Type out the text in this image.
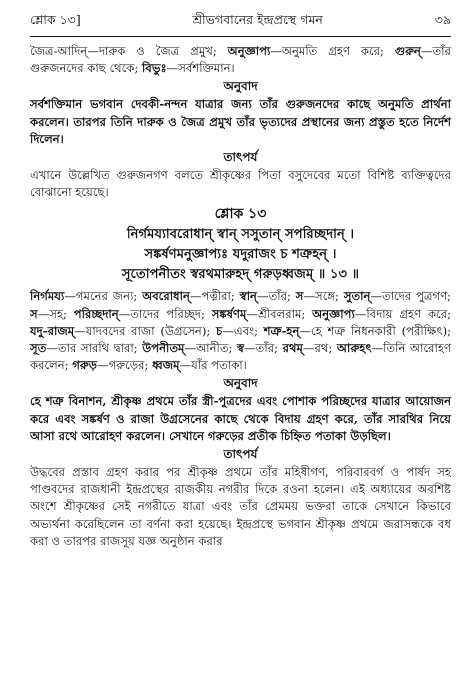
শ্লোক ১৩]	শ্রীভগবানের ইন্দ্রপ্রস্থে গমন	৩৯

জৈত্র-আদিন্—দারুক ও জৈত্র প্রমুখ; অনুজ্ঞাপ্য—অনুমতি গ্রহণ করে; গুরুন্—তাঁর গুরুজনদের কাছ থেকে; বিভুঃ—সর্বশক্তিমান।

অনুবাদ

সর্বশক্তিমান ভগবান দেবকী-নন্দন যাত্রার জন্য তাঁর গুরুজনদের কাছে অনুমতি প্রার্থনা করলেন। তারপর তিনি দারুক ও জৈত্র প্রমুখ তাঁর ভৃত্যদের প্রস্থানের জন্য প্রস্তুত হতে নির্দেশ দিলেন।

তাৎপর্য

এখানে উল্লেখিত গুরুজনগণ বলতে শ্রীকৃষ্ণের পিতা বসুদেবের মতো বিশিষ্ট ব্যক্তিত্বদের বোঝানো হয়েছে।

শ্লোক ১৩
নির্গময্যাবরোধান্ স্বান্ সসুতান্ সপরিচ্ছদান্ ।
সঙ্কর্ষণমনুজ্ঞাপ্যঃ যদুরাজং চ শত্রুহন্ ।
সূতোপনীতং স্বরথমারুহদ্ গরুড়ধ্বজম্ ॥ ১৩ ॥

নির্গময্য—গমনের জন্য; অবরোধান্—পত্নীরা; স্বান্—তাঁর; স—সঙ্গে; সুতান্—তাদের পুত্রগণ; স—সহ; পরিচ্ছদান্—তাদের পরিচ্ছদ; সঙ্কর্ষণম্—শ্রীবলরাম; অনুজ্ঞাপ্য—বিদায় গ্রহণ করে; যদু-রাজম্—যাদবদের রাজা (উগ্রসেন); চ—এবং; শত্রু-হন্—হে শত্রু নিধনকারী (পরীক্ষিৎ); সূত—তার সারথি দ্বারা; উপনীতম্—আনীত; স্ব—তাঁর; রথম্—রথ; আরুহৎ—তিনি আরোহণ করলেন; গরুড়—গরুড়ের; ধ্বজম্—যাঁর পতাকা।

অনুবাদ

হে শত্রু বিনাশন, শ্রীকৃষ্ণ প্রথমে তাঁর স্ত্রী-পুত্রদের এবং পোশাক পরিচ্ছদের যাত্রার আয়োজন করে এবং সঙ্কর্ষণ ও রাজা উগ্রসেনের কাছে থেকে বিদায় গ্রহণ করে, তাঁর সারথির নিয়ে আসা রথে আরোহণ করলেন। সেখানে গরুড়ের প্রতীক চিহ্নিত পতাকা উড়ছিল।

তাৎপর্য

উদ্ধবের প্রস্তাব গ্রহণ করার পর শ্রীকৃষ্ণ প্রথমে তাঁর মহিষীগণ, পরিবারবর্গ ও পার্ষদ সহ পাণ্ডবদের রাজধানী ইন্দ্রপ্রস্থের রাজকীয় নগরীর দিকে রওনা হলেন। এই অধ্যায়ের অবশিষ্ট অংশে শ্রীকৃষ্ণের সেই নগরীতে যাত্রা এবং তাঁর প্রেমময় ভক্তরা তাকে সেখানে কিভাবে অভ্যর্থনা করেছিলেন তা বর্ণনা করা হয়েছে। ইন্দ্রপ্রস্থে ভগবান শ্রীকৃষ্ণ প্রথমে জরাসন্ধকে বধ করা ও তারপর রাজসূয় যজ্ঞ অনুষ্ঠান করার
